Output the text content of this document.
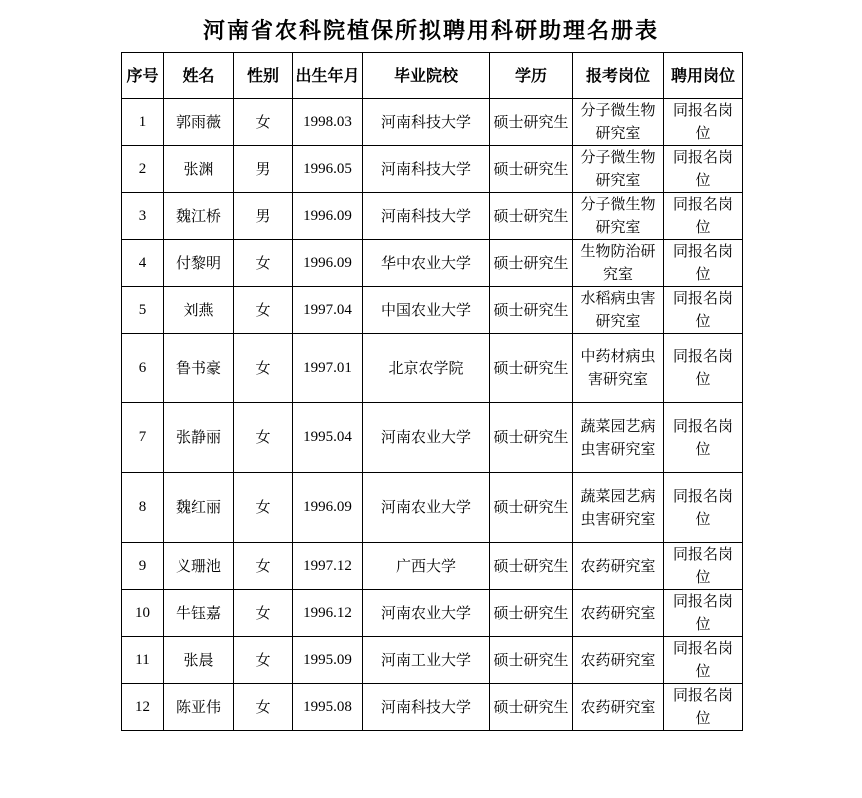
河南省农科院植保所拟聘用科研助理名册表
序号	姓名	性别	出生年月	毕业院校	学历	报考岗位	聘用岗位
1	郭雨薇	女	1998.03	河南科技大学	硕士研究生	分子微生物研究室	同报名岗位
2	张渊	男	1996.05	河南科技大学	硕士研究生	分子微生物研究室	同报名岗位
3	魏江桥	男	1996.09	河南科技大学	硕士研究生	分子微生物研究室	同报名岗位
4	付黎明	女	1996.09	华中农业大学	硕士研究生	生物防治研究室	同报名岗位
5	刘燕	女	1997.04	中国农业大学	硕士研究生	水稻病虫害研究室	同报名岗位
6	鲁书豪	女	1997.01	北京农学院	硕士研究生	中药材病虫害研究室	同报名岗位
7	张静丽	女	1995.04	河南农业大学	硕士研究生	蔬菜园艺病虫害研究室	同报名岗位
8	魏红丽	女	1996.09	河南农业大学	硕士研究生	蔬菜园艺病虫害研究室	同报名岗位
9	义珊池	女	1997.12	广西大学	硕士研究生	农药研究室	同报名岗位
10	牛钰嘉	女	1996.12	河南农业大学	硕士研究生	农药研究室	同报名岗位
11	张晨	女	1995.09	河南工业大学	硕士研究生	农药研究室	同报名岗位
12	陈亚伟	女	1995.08	河南科技大学	硕士研究生	农药研究室	同报名岗位
